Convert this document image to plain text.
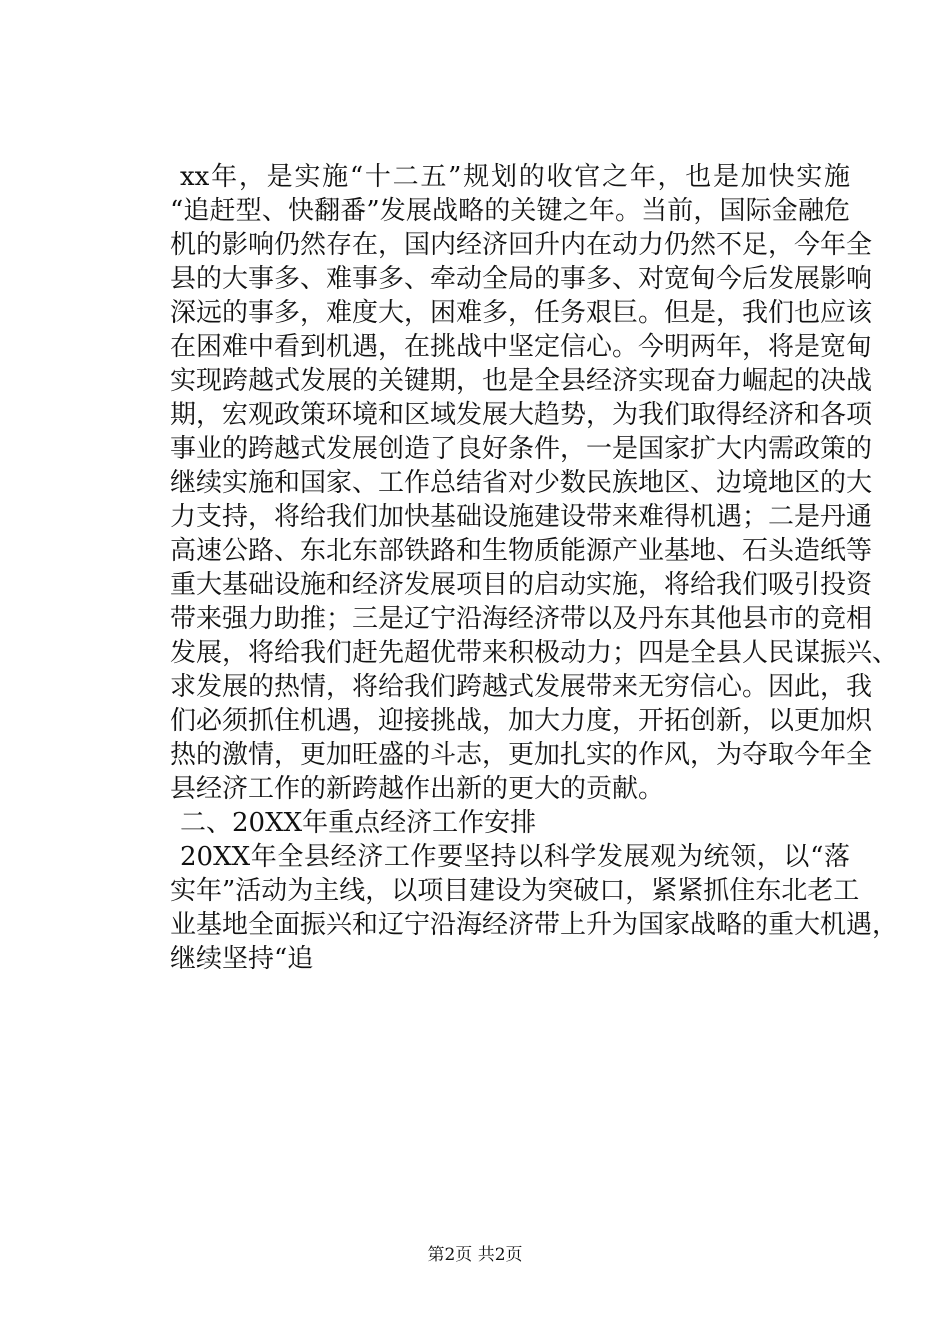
xx年，是实施“十二五”规划的收官之年，也是加快实施
“追赶型、快翻番”发展战略的关键之年。当前，国际金融危
机的影响仍然存在，国内经济回升内在动力仍然不足，今年全
县的大事多、难事多、牵动全局的事多、对宽甸今后发展影响
深远的事多，难度大，困难多，任务艰巨。但是，我们也应该
在困难中看到机遇，在挑战中坚定信心。今明两年，将是宽甸
实现跨越式发展的关键期，也是全县经济实现奋力崛起的决战
期，宏观政策环境和区域发展大趋势，为我们取得经济和各项
事业的跨越式发展创造了良好条件，一是国家扩大内需政策的
继续实施和国家、工作总结省对少数民族地区、边境地区的大
力支持，将给我们加快基础设施建设带来难得机遇；二是丹通
高速公路、东北东部铁路和生物质能源产业基地、石头造纸等
重大基础设施和经济发展项目的启动实施，将给我们吸引投资
带来强力助推；三是辽宁沿海经济带以及丹东其他县市的竞相
发展，将给我们赶先超优带来积极动力；四是全县人民谋振兴、
求发展的热情，将给我们跨越式发展带来无穷信心。因此，我
们必须抓住机遇，迎接挑战，加大力度，开拓创新，以更加炽
热的激情，更加旺盛的斗志，更加扎实的作风，为夺取今年全
县经济工作的新跨越作出新的更大的贡献。
二、20XX年重点经济工作安排
20XX年全县经济工作要坚持以科学发展观为统领，以“落
实年”活动为主线，以项目建设为突破口，紧紧抓住东北老工
业基地全面振兴和辽宁沿海经济带上升为国家战略的重大机遇，
继续坚持“追
第2页 共2页
